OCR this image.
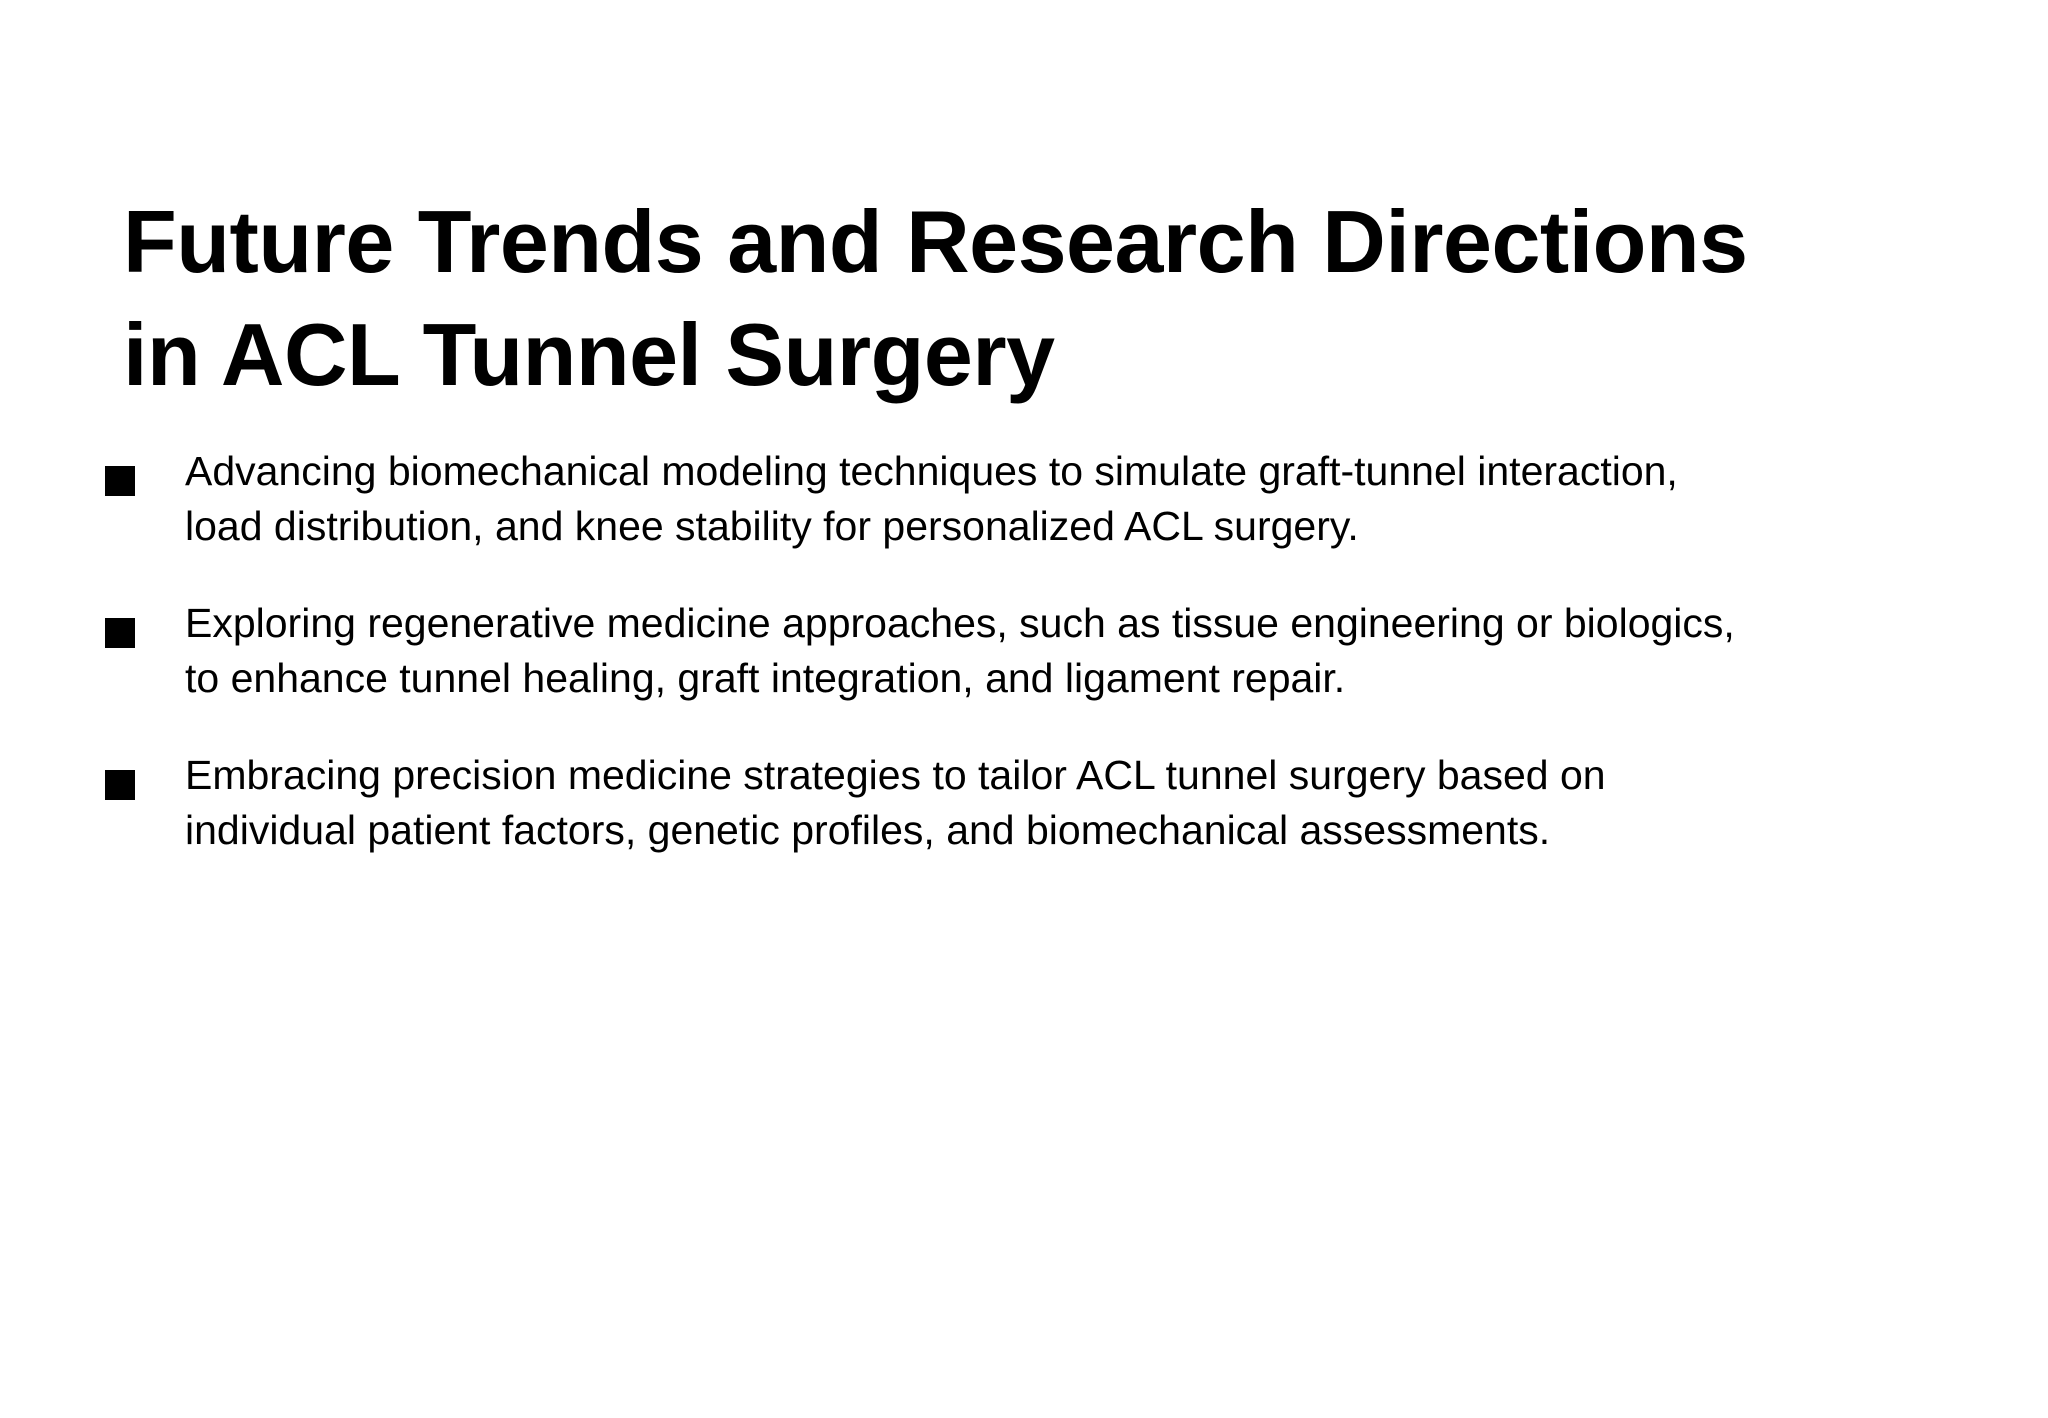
Future Trends and Research Directions in ACL Tunnel Surgery
Advancing biomechanical modeling techniques to simulate graft-tunnel interaction, load distribution, and knee stability for personalized ACL surgery.
Exploring regenerative medicine approaches, such as tissue engineering or biologics, to enhance tunnel healing, graft integration, and ligament repair.
Embracing precision medicine strategies to tailor ACL tunnel surgery based on individual patient factors, genetic profiles, and biomechanical assessments.
